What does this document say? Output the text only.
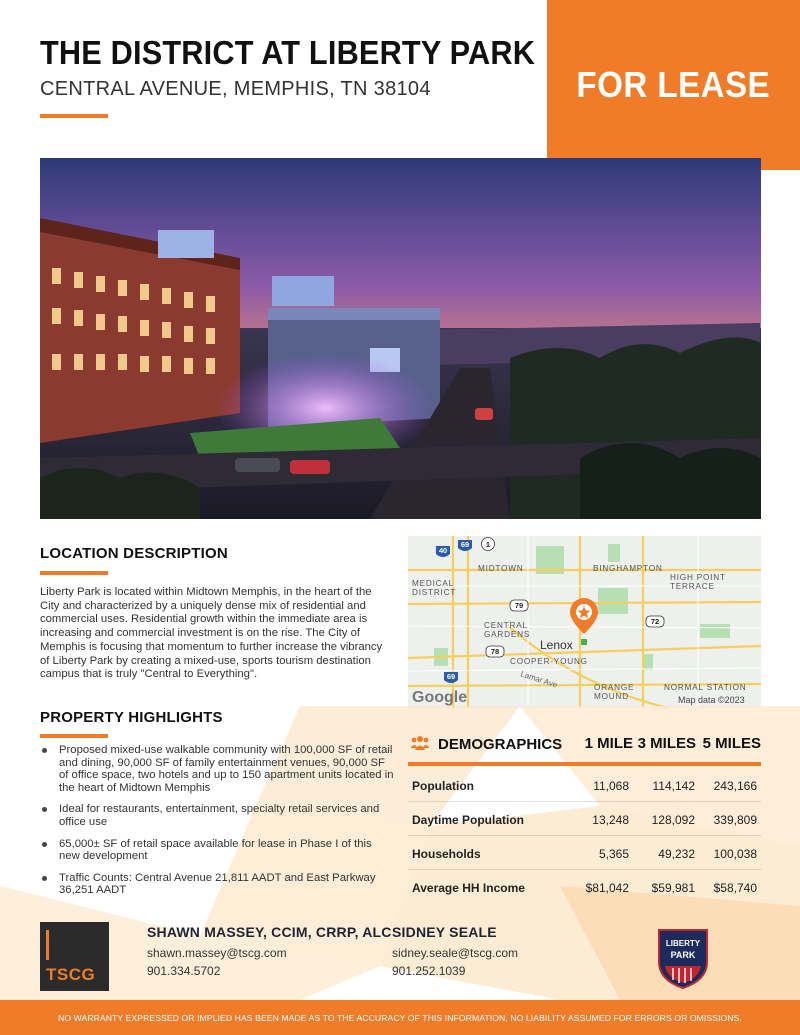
THE DISTRICT AT LIBERTY PARK
CENTRAL AVENUE, MEMPHIS, TN 38104	FOR LEASE
LOCATION DESCRIPTION

Liberty Park is located within Midtown Memphis, in the heart of the City and characterized by a uniquely dense mix of residential and commercial uses. Residential growth within the immediate area is increasing and commercial investment is on the rise. The City of Memphis is focusing that momentum to further increase the vibrancy of Liberty Park by creating a mixed-use, sports tourism destination campus that is truly "Central to Everything".

40
69 1
79
72
78
69
MIDTOWN	BINGHAMPTON
HIGH POINT
TERRACE
MEDICAL
DISTRICT
CENTRAL
GARDENS
COOPER-YOUNG
ORANGE
MOUND
NORMAL STATION
Lenox
Lamar Ave
Google	Map data ©2023
PROPERTY HIGHLIGHTS
Proposed mixed-use walkable community with 100,000 SF of retail and dining, 90,000 SF of family entertainment venues, 90,000 SF of office space, two hotels and up to 150 apartment units located in the heart of Midtown Memphis
Ideal for restaurants, entertainment, specialty retail services and office use
65,000± SF of retail space available for lease in Phase I of this new development
Traffic Counts: Central Avenue 21,811 AADT and East Parkway 36,251 AADT
DEMOGRAPHICS 1 MILE 3 MILES 5 MILES
Population	11,068 114,142 243,166
Daytime Population	13,248 128,092 339,809
Households	5,365 49,232 100,038
Average HH Income	$81,042 $59,981 $58,740
TSCG
SHAWN MASSEY, CCIM, CRRP, ALC
shawn.massey@tscg.com
901.334.5702
SIDNEY SEALE
sidney.seale@tscg.com
901.252.1039
LIBERTY
PARK
NO WARRANTY EXPRESSED OR IMPLIED HAS BEEN MADE AS TO THE ACCURACY OF THIS INFORMATION, NO LIABILITY ASSUMED FOR ERRORS OR OMISSIONS.
